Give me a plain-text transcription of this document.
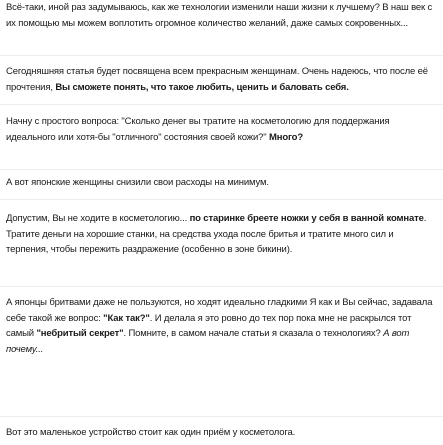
Всё-таки, иной раз задумываюсь, как же технологии изменили наши жизни к лучшему? В наш век с их помощью мы можем воплотить огромное количество желаний, даже самых сокровенных...

Сегодняшняя статья будет посвящена всем прекрасным женщинам. Очень надеюсь, что после её прочтения, Вы сможете понять, что такое любить, ценить и баловать себя.

Начну с простого вопроса: "Сколько денег вы тратите на косметологию для поддержания идеального или хотя-бы "отличного" состояния своей кожи?" Много?

А вот японские женщины снизили свои расходы на минимум.

Допустим, Вы не ходите в косметологию... по старинке бреете ножки у себя в ванной комнате. Тратите деньги на хорошие станки, на средства ухода после бритья и тратите много сил и терпения, чтобы пережить раздражение (особенно в зоне бикини).

А японцы бритвами даже не пользуются, но ходят идеально гладкими Я как и Вы сейчас, задавала себе такой же вопрос: "Как так?". И делала я это ровно до тех пор пока мне не раскрылся тот самый "небритый секрет". Помните, в самом начале статьи я сказала о технологиях? А вот почему...

Вот это маленькое устройство стоит как один приём у косметолога.
